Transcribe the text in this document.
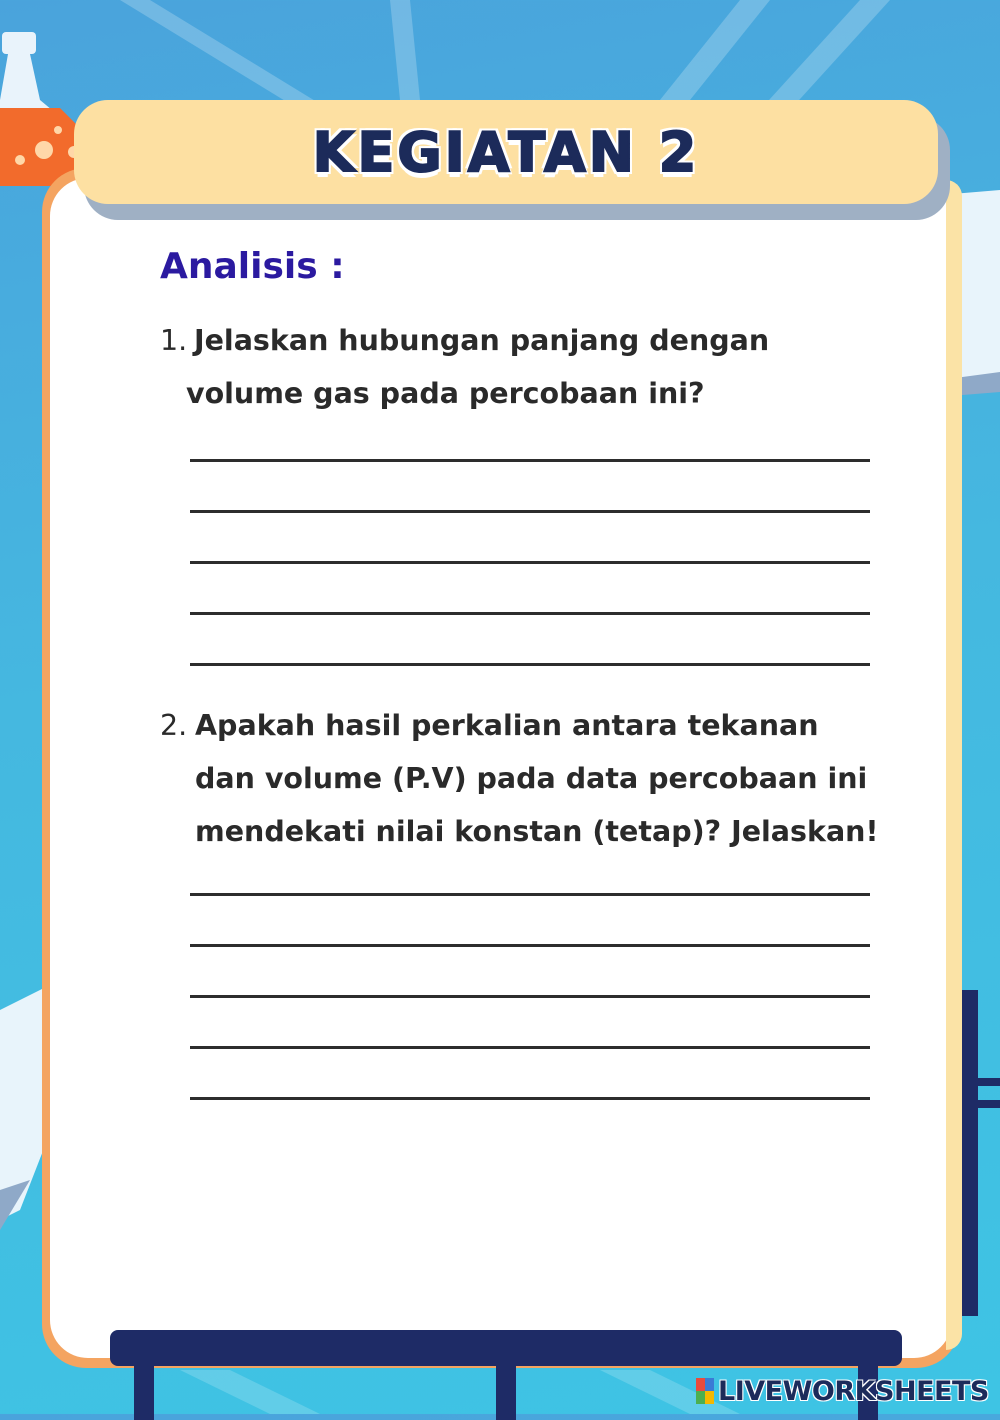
KEGIATAN 2
Analisis :
1. Jelaskan hubungan panjang dengan
volume gas pada percobaan ini?
2. Apakah hasil perkalian antara tekanan
dan volume (P.V) pada data percobaan ini
mendekati nilai konstan (tetap)? Jelaskan!
LIVEWORKSHEETS
